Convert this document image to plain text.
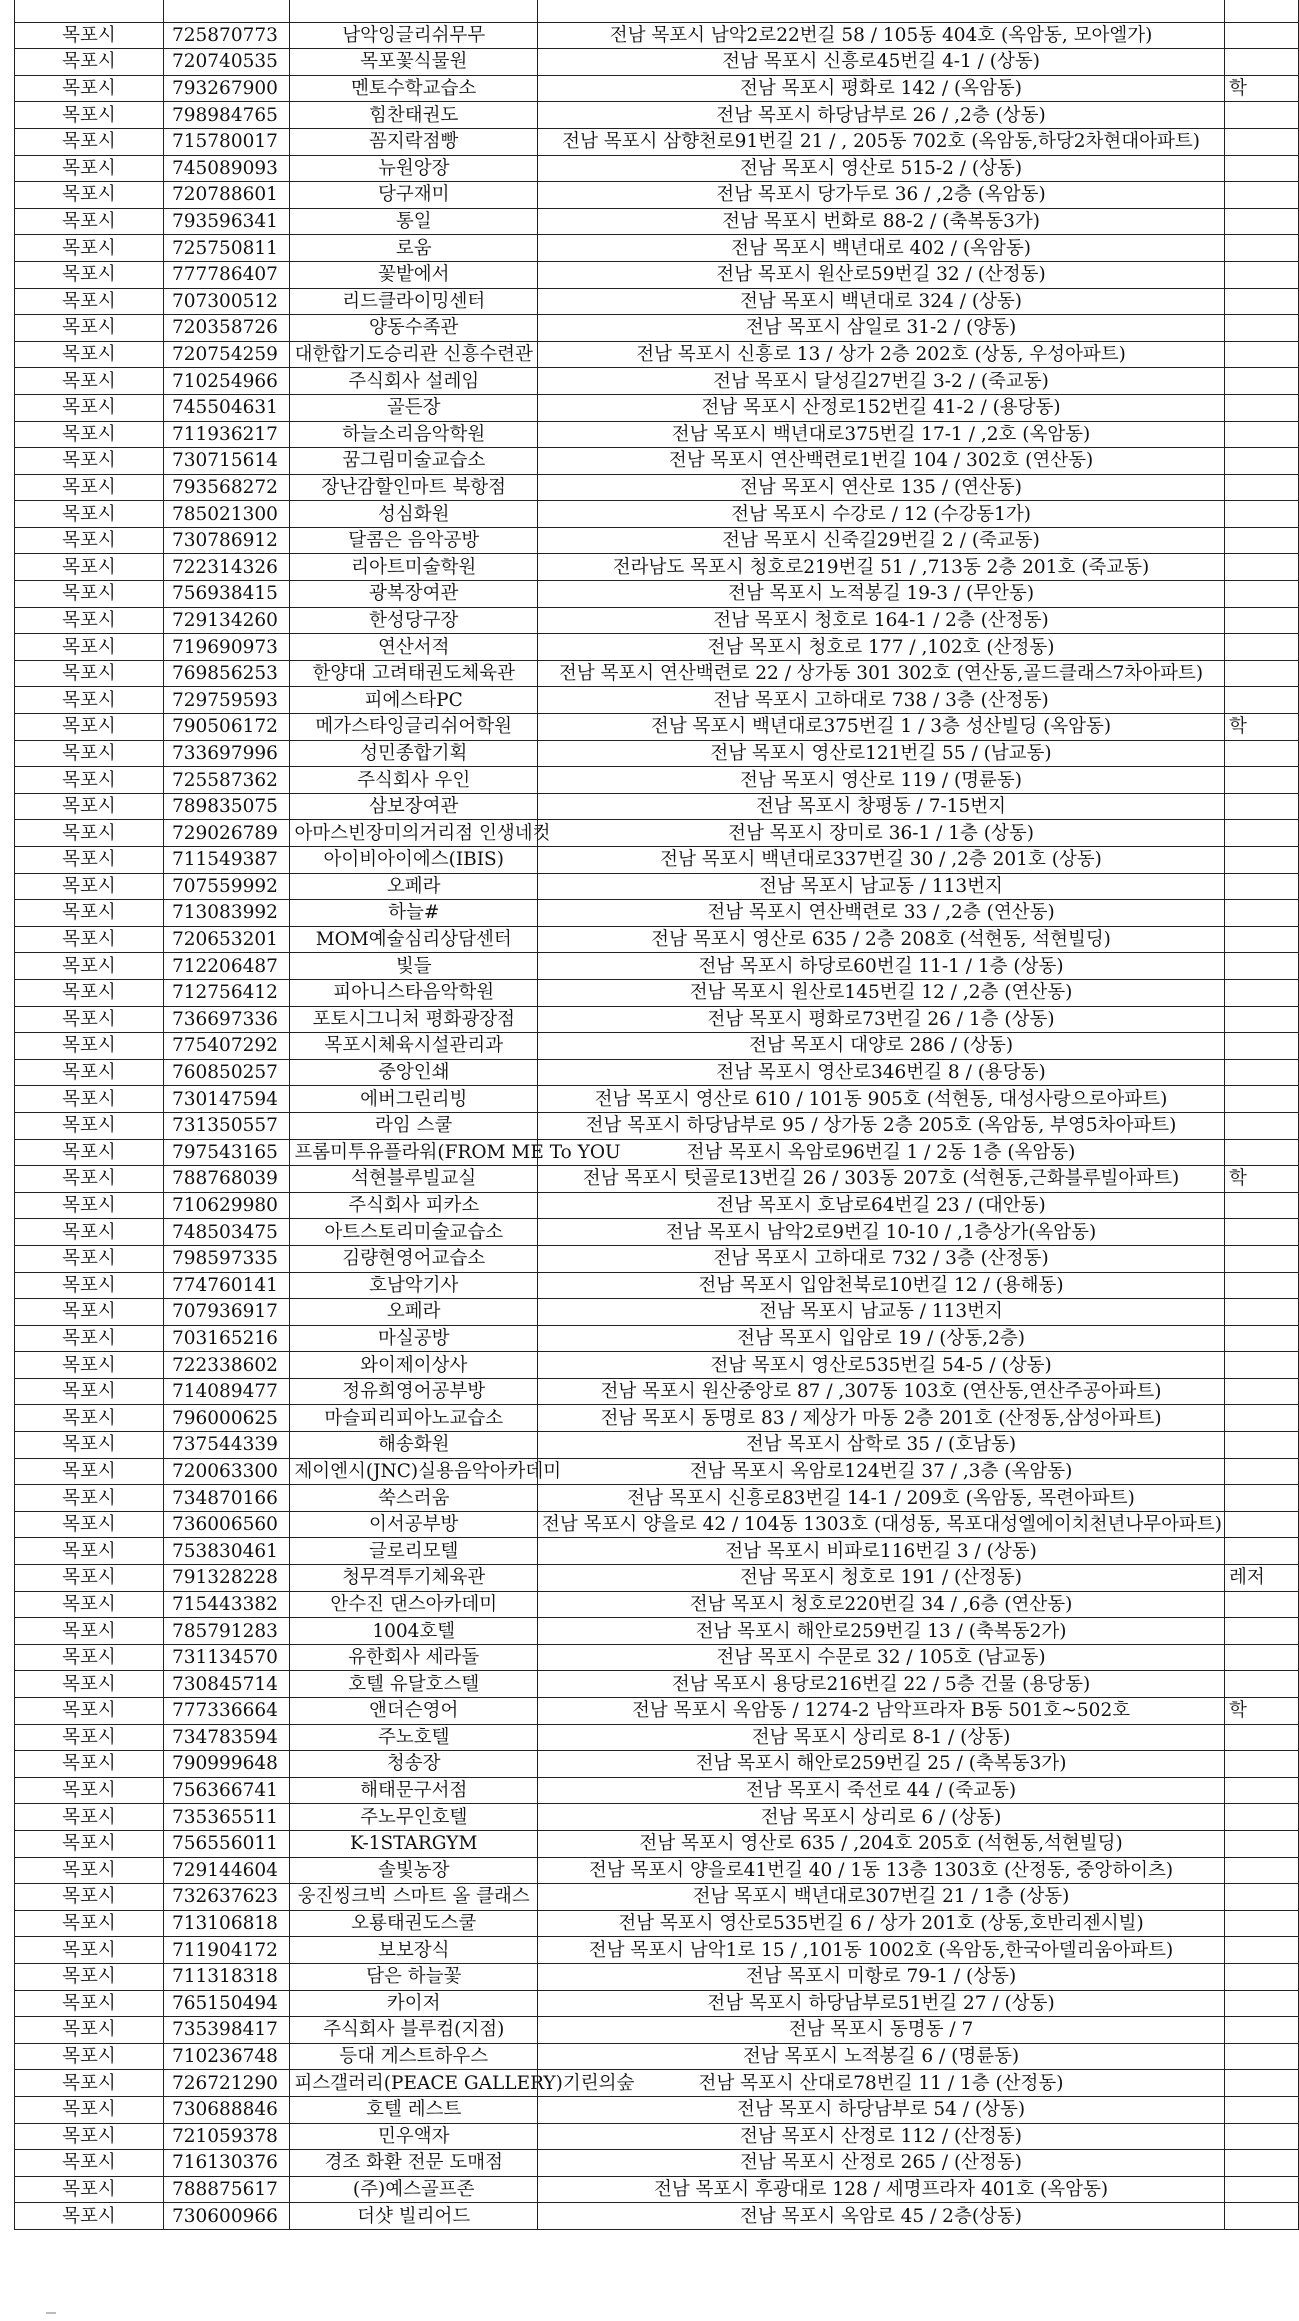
목포시	725870773	남악잉글리쉬무무	전남 목포시 남악2로22번길 58 / 105동 404호 (옥암동, 모아엘가)	
목포시	720740535	목포꽃식물원	전남 목포시 신흥로45번길 4-1 / (상동)	
목포시	793267900	멘토수학교습소	전남 목포시 평화로 142 / (옥암동)	학
목포시	798984765	힘찬태권도	전남 목포시 하당남부로 26 / ,2층 (상동)	
목포시	715780017	꼼지락점빵	전남 목포시 삼향천로91번길 21 / , 205동 702호 (옥암동,하당2차현대아파트)	
목포시	745089093	뉴원앙장	전남 목포시 영산로 515-2 / (상동)	
목포시	720788601	당구재미	전남 목포시 당가두로 36 / ,2층 (옥암동)	
목포시	793596341	통일	전남 목포시 번화로 88-2 / (축복동3가)	
목포시	725750811	로움	전남 목포시 백년대로 402 / (옥암동)	
목포시	777786407	꽃밭에서	전남 목포시 원산로59번길 32 / (산정동)	
목포시	707300512	리드클라이밍센터	전남 목포시 백년대로 324 / (상동)	
목포시	720358726	양동수족관	전남 목포시 삼일로 31-2 / (양동)	
목포시	720754259	대한합기도승리관 신흥수련관	전남 목포시 신흥로 13 / 상가 2층 202호 (상동, 우성아파트)	
목포시	710254966	주식회사 설레임	전남 목포시 달성길27번길 3-2 / (죽교동)	
목포시	745504631	골든장	전남 목포시 산정로152번길 41-2 / (용당동)	
목포시	711936217	하늘소리음악학원	전남 목포시 백년대로375번길 17-1 / ,2호 (옥암동)	
목포시	730715614	꿈그림미술교습소	전남 목포시 연산백련로1번길 104 / 302호 (연산동)	
목포시	793568272	장난감할인마트 북항점	전남 목포시 연산로 135 / (연산동)	
목포시	785021300	성심화원	전남 목포시 수강로 / 12 (수강동1가)	
목포시	730786912	달콤은 음악공방	전남 목포시 신죽길29번길 2 / (죽교동)	
목포시	722314326	리아트미술학원	전라남도 목포시 청호로219번길 51 / ,713동 2층 201호 (죽교동)	
목포시	756938415	광복장여관	전남 목포시 노적봉길 19-3 / (무안동)	
목포시	729134260	한성당구장	전남 목포시 청호로 164-1 / 2층 (산정동)	
목포시	719690973	연산서적	전남 목포시 청호로 177 / ,102호 (산정동)	
목포시	769856253	한양대 고려태권도체육관	전남 목포시 연산백련로 22 / 상가동 301 302호 (연산동,골드클래스7차아파트)	
목포시	729759593	피에스타PC	전남 목포시 고하대로 738 / 3층 (산정동)	
목포시	790506172	메가스타잉글리쉬어학원	전남 목포시 백년대로375번길 1 / 3층 성산빌딩 (옥암동)	학
목포시	733697996	성민종합기획	전남 목포시 영산로121번길 55 / (남교동)	
목포시	725587362	주식회사 우인	전남 목포시 영산로 119 / (명륜동)	
목포시	789835075	삼보장여관	전남 목포시 창평동 / 7-15번지	
목포시	729026789	아마스빈장미의거리점 인생네컷	전남 목포시 장미로 36-1 / 1층 (상동)	
목포시	711549387	아이비아이에스(IBIS)	전남 목포시 백년대로337번길 30 / ,2층 201호 (상동)	
목포시	707559992	오페라	전남 목포시 남교동 / 113번지	
목포시	713083992	하늘#	전남 목포시 연산백련로 33 / ,2층 (연산동)	
목포시	720653201	MOM예술심리상담센터	전남 목포시 영산로 635 / 2층 208호 (석현동, 석현빌딩)	
목포시	712206487	빛들	전남 목포시 하당로60번길 11-1 / 1층 (상동)	
목포시	712756412	피아니스타음악학원	전남 목포시 원산로145번길 12 / ,2층 (연산동)	
목포시	736697336	포토시그니처 평화광장점	전남 목포시 평화로73번길 26 / 1층 (상동)	
목포시	775407292	목포시체육시설관리과	전남 목포시 대양로 286 / (상동)	
목포시	760850257	중앙인쇄	전남 목포시 영산로346번길 8 / (용당동)	
목포시	730147594	에버그린리빙	전남 목포시 영산로 610 / 101동 905호 (석현동, 대성사랑으로아파트)	
목포시	731350557	라임 스쿨	전남 목포시 하당남부로 95 / 상가동 2층 205호 (옥암동, 부영5차아파트)	
목포시	797543165	프롬미투유플라워(FROM ME To YOU	전남 목포시 옥암로96번길 1 / 2동 1층 (옥암동)	
목포시	788768039	석현블루빌교실	전남 목포시 텃골로13번길 26 / 303동 207호 (석현동,근화블루빌아파트)	학
목포시	710629980	주식회사 피카소	전남 목포시 호남로64번길 23 / (대안동)	
목포시	748503475	아트스토리미술교습소	전남 목포시 남악2로9번길 10-10 / ,1층상가(옥암동)	
목포시	798597335	김량현영어교습소	전남 목포시 고하대로 732 / 3층 (산정동)	
목포시	774760141	호남악기사	전남 목포시 입암천북로10번길 12 / (용해동)	
목포시	707936917	오페라	전남 목포시 남교동 / 113번지	
목포시	703165216	마실공방	전남 목포시 입암로 19 / (상동,2층)	
목포시	722338602	와이제이상사	전남 목포시 영산로535번길 54-5 / (상동)	
목포시	714089477	정유희영어공부방	전남 목포시 원산중앙로 87 / ,307동 103호 (연산동,연산주공아파트)	
목포시	796000625	마슬피리피아노교습소	전남 목포시 동명로 83 / 제상가 마동 2층 201호 (산정동,삼성아파트)	
목포시	737544339	해송화원	전남 목포시 삼학로 35 / (호남동)	
목포시	720063300	제이엔시(JNC)실용음악아카데미	전남 목포시 옥암로124번길 37 / ,3층 (옥암동)	
목포시	734870166	쑥스러움	전남 목포시 신흥로83번길 14-1 / 209호 (옥암동, 목련아파트)	
목포시	736006560	이서공부방	전남 목포시 양을로 42 / 104동 1303호 (대성동, 목포대성엘에이치천년나무아파트)	
목포시	753830461	글로리모텔	전남 목포시 비파로116번길 3 / (상동)	
목포시	791328228	청무격투기체육관	전남 목포시 청호로 191 / (산정동)	레저
목포시	715443382	안수진 댄스아카데미	전남 목포시 청호로220번길 34 / ,6층 (연산동)	
목포시	785791283	1004호텔	전남 목포시 해안로259번길 13 / (축복동2가)	
목포시	731134570	유한회사 세라돌	전남 목포시 수문로 32 / 105호 (남교동)	
목포시	730845714	호텔 유달호스텔	전남 목포시 용당로216번길 22 / 5층 건물 (용당동)	
목포시	777336664	앤더슨영어	전남 목포시 옥암동 / 1274-2 남악프라자 B동 501호~502호	학
목포시	734783594	주노호텔	전남 목포시 상리로 8-1 / (상동)	
목포시	790999648	청송장	전남 목포시 해안로259번길 25 / (축복동3가)	
목포시	756366741	해태문구서점	전남 목포시 죽선로 44 / (죽교동)	
목포시	735365511	주노무인호텔	전남 목포시 상리로 6 / (상동)	
목포시	756556011	K-1STARGYM	전남 목포시 영산로 635 / ,204호 205호 (석현동,석현빌딩)	
목포시	729144604	솔빛농장	전남 목포시 양을로41번길 40 / 1동 13층 1303호 (산정동, 중앙하이츠)	
목포시	732637623	웅진씽크빅 스마트 올 클래스	전남 목포시 백년대로307번길 21 / 1층 (상동)	
목포시	713106818	오룡태권도스쿨	전남 목포시 영산로535번길 6 / 상가 201호 (상동,호반리젠시빌)	
목포시	711904172	보보장식	전남 목포시 남악1로 15 / ,101동 1002호 (옥암동,한국아델리움아파트)	
목포시	711318318	담은 하늘꽃	전남 목포시 미항로 79-1 / (상동)	
목포시	765150494	카이저	전남 목포시 하당남부로51번길 27 / (상동)	
목포시	735398417	주식회사 블루컴(지점)	전남 목포시 동명동 / 7	
목포시	710236748	등대 게스트하우스	전남 목포시 노적봉길 6 / (명륜동)	
목포시	726721290	피스갤러리(PEACE GALLERY)기린의숲	전남 목포시 산대로78번길 11 / 1층 (산정동)	
목포시	730688846	호텔 레스트	전남 목포시 하당남부로 54 / (상동)	
목포시	721059378	민우액자	전남 목포시 산정로 112 / (산정동)	
목포시	716130376	경조 화환 전문 도매점	전남 목포시 산정로 265 / (산정동)	
목포시	788875617	(주)예스골프존	전남 목포시 후광대로 128 / 세명프라자 401호 (옥암동)	
목포시	730600966	더샷 빌리어드	전남 목포시 옥암로 45 / 2층(상동)	
